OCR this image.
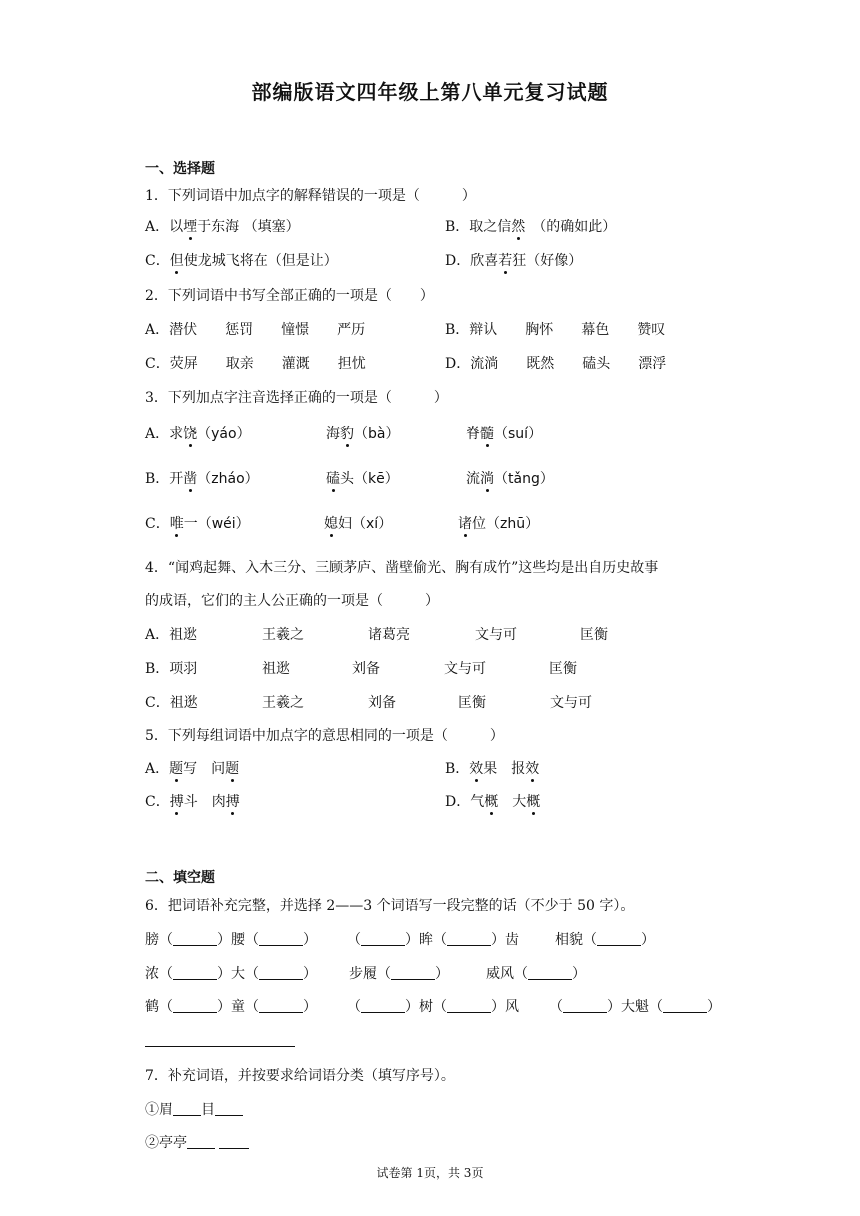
部编版语文四年级上第八单元复习试题
一、选择题
1．下列词语中加点字的解释错误的一项是（　　　）
A．以堙于东海 （填塞）	B．取之信然　（的确如此）
C．但使龙城飞将在（但是让）	D．欣喜若狂（好像）
2．下列词语中书写全部正确的一项是（　　）
A．潜伏　　惩罚　　憧憬　　严历	B．辩认　　胸怀　　幕色　　赞叹
C．荧屏　　取亲　　灌溉　　担忧	D．流淌　　既然　　磕头　　漂浮
3．下列加点字注音选择正确的一项是（　　　）
A．求饶（yáo）	海豹（bà）	脊髓（suí）
B．开凿（zháo）	磕头（kē）	流淌（tǎng）
C．唯一（wéi）	媳妇（xí）	诸位（zhū）
4．“闻鸡起舞、入木三分、三顾茅庐、凿壁偷光、胸有成竹”这些均是出自历史故事
的成语，它们的主人公正确的一项是（　　　）
A．祖逖	王羲之	诸葛亮	文与可	匡衡
B．项羽	祖逖	刘备	文与可	匡衡
C．祖逖	王羲之	刘备	匡衡	文与可
5．下列每组词语中加点字的意思相同的一项是（　　　）
A．题写　问题	B．效果　报效
C．搏斗　肉搏	D．气概　大概
二、填空题
6．把词语补充完整，并选择 2——3 个词语写一段完整的话（不少于 50 字）。
膀（	）腰（	） （	）眸（	）齿	相貌（	）
浓（	）大（	） 步履（	）	威风（	）
鹤（	）童（	） （	）树（	）风 （	）大魁（	）
7．补充词语，并按要求给词语分类（填写序号）。
①眉 目
②亭亭
试卷第 1页，共 3页
